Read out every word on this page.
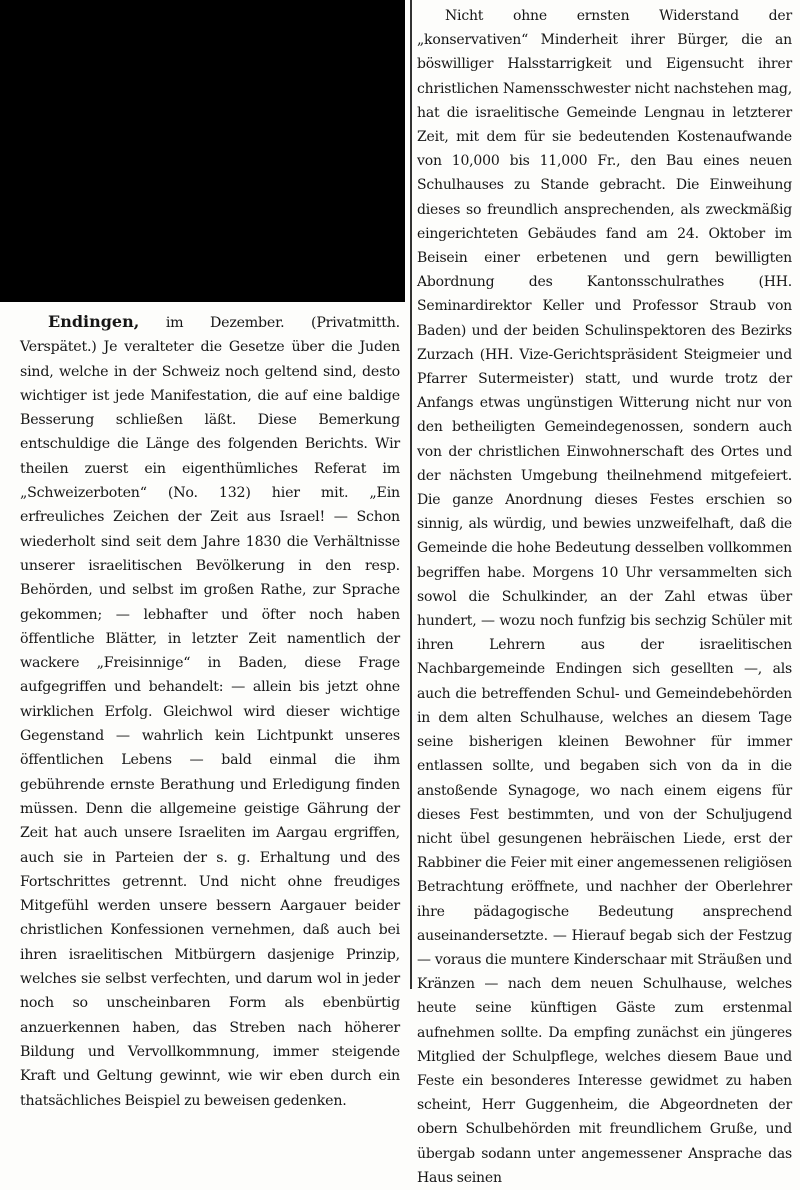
Endingen, im Dezember. (Privatmitth. Verspätet.) Je veralteter die Gesetze über die Juden sind, welche in der Schweiz noch geltend sind, desto wichtiger ist jede Manifestation, die auf eine baldige Besserung schließen läßt. Diese Bemerkung entschuldige die Länge des folgenden Berichts. Wir theilen zuerst ein eigenthümliches Referat im „Schweizerboten“ (No. 132) hier mit. „Ein erfreuliches Zeichen der Zeit aus Israel! — Schon wiederholt sind seit dem Jahre 1830 die Verhältnisse unserer israelitischen Bevölkerung in den resp. Behörden, und selbst im großen Rathe, zur Sprache gekommen; — lebhafter und öfter noch haben öffentliche Blätter, in letzter Zeit namentlich der wackere „Freisinnige“ in Baden, diese Frage aufgegriffen und behandelt: — allein bis jetzt ohne wirklichen Erfolg. Gleichwol wird dieser wichtige Gegenstand — wahrlich kein Lichtpunkt unseres öffentlichen Lebens — bald einmal die ihm gebührende ernste Berathung und Erledigung finden müssen. Denn die allgemeine geistige Gährung der Zeit hat auch unsere Israeliten im Aargau ergriffen, auch sie in Parteien der s. g. Erhaltung und des Fortschrittes getrennt. Und nicht ohne freudiges Mitgefühl werden unsere bessern Aargauer beider christlichen Konfessionen vernehmen, daß auch bei ihren israelitischen Mitbürgern dasjenige Prinzip, welches sie selbst verfechten, und darum wol in jeder noch so unscheinbaren Form als ebenbürtig anzuerkennen haben, das Streben nach höherer Bildung und Vervollkommnung, immer steigende Kraft und Geltung gewinnt, wie wir eben durch ein thatsächliches Beispiel zu beweisen gedenken.

Nicht ohne ernsten Widerstand der „konservativen“ Minderheit ihrer Bürger, die an böswilliger Halsstarrigkeit und Eigensucht ihrer christlichen Namensschwester nicht nachstehen mag, hat die israelitische Gemeinde Lengnau in letzterer Zeit, mit dem für sie bedeutenden Kostenaufwande von 10,000 bis 11,000 Fr., den Bau eines neuen Schulhauses zu Stande gebracht. Die Einweihung dieses so freundlich ansprechenden, als zweckmäßig eingerichteten Gebäudes fand am 24. Oktober im Beisein einer erbetenen und gern bewilligten Abordnung des Kantonsschulrathes (HH. Seminardirektor Keller und Professor Straub von Baden) und der beiden Schulinspektoren des Bezirks Zurzach (HH. Vize-Gerichtspräsident Steigmeier und Pfarrer Sutermeister) statt, und wurde trotz der Anfangs etwas ungünstigen Witterung nicht nur von den betheiligten Gemeindegenossen, sondern auch von der christlichen Einwohnerschaft des Ortes und der nächsten Umgebung theilnehmend mitgefeiert. Die ganze Anordnung dieses Festes erschien so sinnig, als würdig, und bewies unzweifelhaft, daß die Gemeinde die hohe Bedeutung desselben vollkommen begriffen habe. Morgens 10 Uhr versammelten sich sowol die Schulkinder, an der Zahl etwas über hundert, — wozu noch funfzig bis sechzig Schüler mit ihren Lehrern aus der israelitischen Nachbargemeinde Endingen sich gesellten —, als auch die betreffenden Schul- und Gemeindebehörden in dem alten Schulhause, welches an diesem Tage seine bisherigen kleinen Bewohner für immer entlassen sollte, und begaben sich von da in die anstoßende Synagoge, wo nach einem eigens für dieses Fest bestimmten, und von der Schuljugend nicht übel gesungenen hebräischen Liede, erst der Rabbiner die Feier mit einer angemessenen religiösen Betrachtung eröffnete, und nachher der Oberlehrer ihre pädagogische Bedeutung ansprechend auseinandersetzte. — Hierauf begab sich der Festzug — voraus die muntere Kinderschaar mit Sträußen und Kränzen — nach dem neuen Schulhause, welches heute seine künftigen Gäste zum erstenmal aufnehmen sollte. Da empfing zunächst ein jüngeres Mitglied der Schulpflege, welches diesem Baue und Feste ein besonderes Interesse gewidmet zu haben scheint, Herr Guggenheim, die Abgeordneten der obern Schulbehörden mit freundlichem Gruße, und übergab sodann unter angemessener Ansprache das Haus seinen
